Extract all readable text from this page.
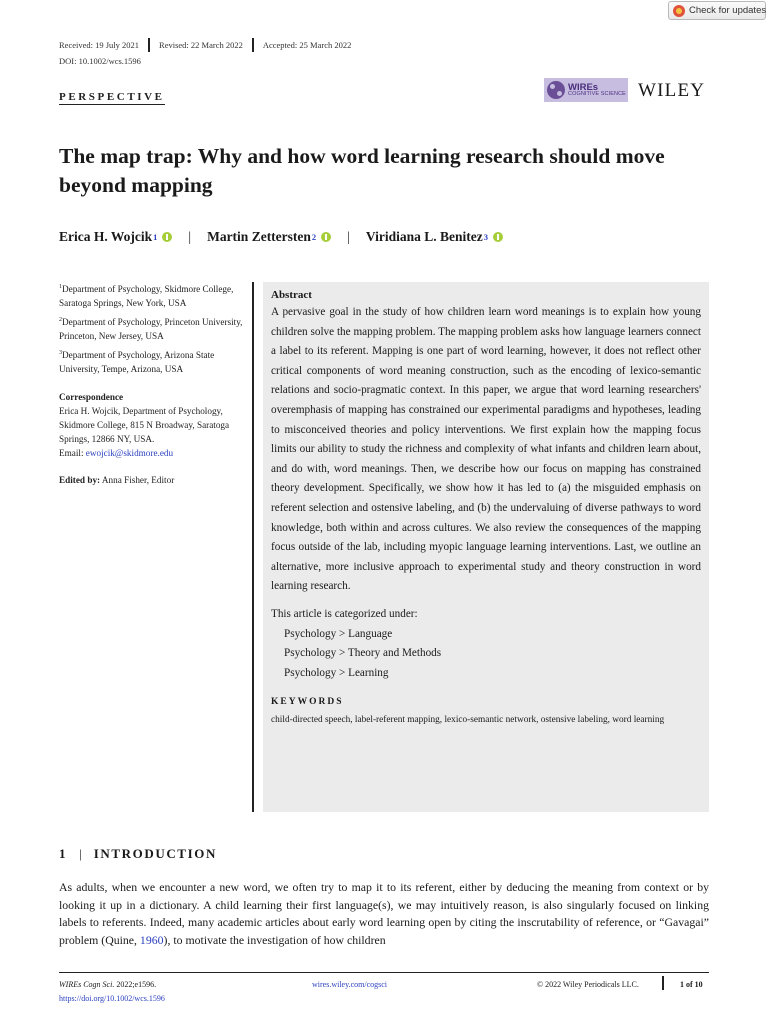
Check for updates
Received: 19 July 2021 Revised: 22 March 2022 Accepted: 25 March 2022
DOI: 10.1002/wcs.1596
PERSPECTIVE
WIREs
COGNITIVE SCIENCE WILEY
The map trap: Why and how word learning research should move beyond mapping
Erica H. Wojcik 1 | Martin Zettersten 2 | Viridiana L. Benitez 3
$^1$Department of Psychology, Skidmore College, Saratoga Springs, New York, USA
$^2$Department of Psychology, Princeton University, Princeton, New Jersey, USA
$^3$Department of Psychology, Arizona State University, Tempe, Arizona, USA
Correspondence
Erica H. Wojcik, Department of Psychology, Skidmore College, 815 N Broadway, Saratoga Springs, 12866 NY, USA.
Email: ewojcik@skidmore.edu
Edited by: Anna Fisher, Editor
Abstract

A pervasive goal in the study of how children learn word meanings is to explain how young children solve the mapping problem. The mapping problem asks how language learners connect a label to its referent. Mapping is one part of word learning, however, it does not reflect other critical components of word meaning construction, such as the encoding of lexico-semantic relations and socio-pragmatic context. In this paper, we argue that word learning researchers' overemphasis of mapping has constrained our experimental paradigms and hypotheses, leading to misconceived theories and policy interventions. We first explain how the mapping focus limits our ability to study the richness and complexity of what infants and children learn about, and do with, word meanings. Then, we describe how our focus on mapping has constrained theory development. Specifically, we show how it has led to (a) the misguided emphasis on referent selection and ostensive labeling, and (b) the undervaluing of diverse pathways to word knowledge, both within and across cultures. We also review the consequences of the mapping focus outside of the lab, including myopic language learning interventions. Last, we outline an alternative, more inclusive approach to experimental study and theory construction in word learning research.

This article is categorized under:
Psychology > Language
Psychology > Theory and Methods
Psychology > Learning
KEYWORDS
child-directed speech, label-referent mapping, lexico-semantic network, ostensive labeling, word learning
1 | INTRODUCTION

As adults, when we encounter a new word, we often try to map it to its referent, either by deducing the meaning from context or by looking it up in a dictionary. A child learning their first language(s), we may intuitively reason, is also singularly focused on linking labels to referents. Indeed, many academic articles about early word learning open by citing the inscrutability of reference, or “Gavagai” problem (Quine, 1960), to motivate the investigation of how children

WIREs Cogn Sci. 2022;e1596.
https://doi.org/10.1002/wcs.1596
wires.wiley.com/cogsci	© 2022 Wiley Periodicals LLC.	1 of 10
